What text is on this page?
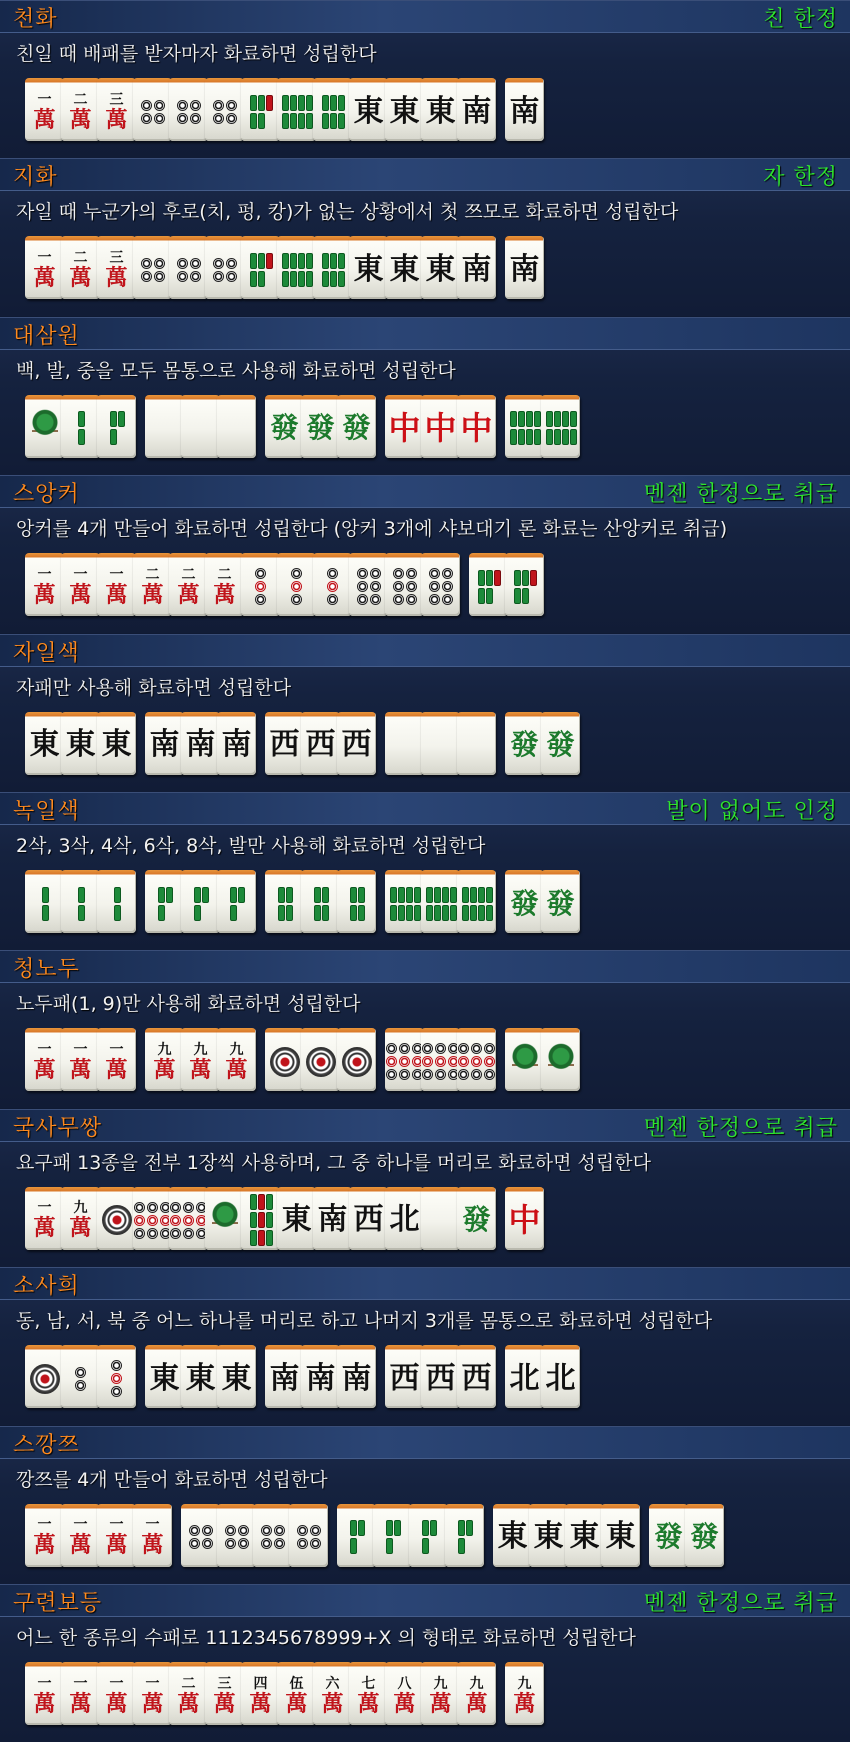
천화	친 한정
친일 때 배패를 받자마자 화료하면 성립한다
一
萬
二
萬
三
萬	東 東 東 南 南
지화	자 한정
자일 때 누군가의 후로(치, 펑, 캉)가 없는 상황에서 첫 쯔모로 화료하면 성립한다
一
萬
二
萬
三
萬	東 東 東 南 南
대삼원
백, 발, 중을 모두 몸통으로 사용해 화료하면 성립한다
發 發 發 中 中 中
스앙커	멘젠 한정으로 취급
앙커를 4개 만들어 화료하면 성립한다 (앙커 3개에 샤보대기 론 화료는 산앙커로 취급)
一
萬
一
萬
一
萬
二
萬
二
萬
二
萬
자일색
자패만 사용해 화료하면 성립한다
東 東 東 南 南 南 西 西 西	發 發
녹일색	발이 없어도 인정
2삭, 3삭, 4삭, 6삭, 8삭, 발만 사용해 화료하면 성립한다
發 發
청노두
노두패(1, 9)만 사용해 화료하면 성립한다
一
萬
一
萬
一
萬
九
萬
九
萬
九
萬
국사무쌍	멘젠 한정으로 취급
요구패 13종을 전부 1장씩 사용하며, 그 중 하나를 머리로 화료하면 성립한다
一
萬
九
萬	東 南 西 北 發 中
소사희
동, 남, 서, 북 중 어느 하나를 머리로 하고 나머지 3개를 몸통으로 화료하면 성립한다
東 東 東 南 南 南 西 西 西 北 北
스깡쯔
깡쯔를 4개 만들어 화료하면 성립한다
一
萬
一
萬
一
萬
一
萬	東 東 東 東 發 發
구련보등	멘젠 한정으로 취급
어느 한 종류의 수패로 1112345678999+X 의 형태로 화료하면 성립한다
一
萬
一
萬
一
萬
一
萬
二
萬
三
萬
四
萬
伍
萬
六
萬
七
萬
八
萬
九
萬
九
萬
九
萬
